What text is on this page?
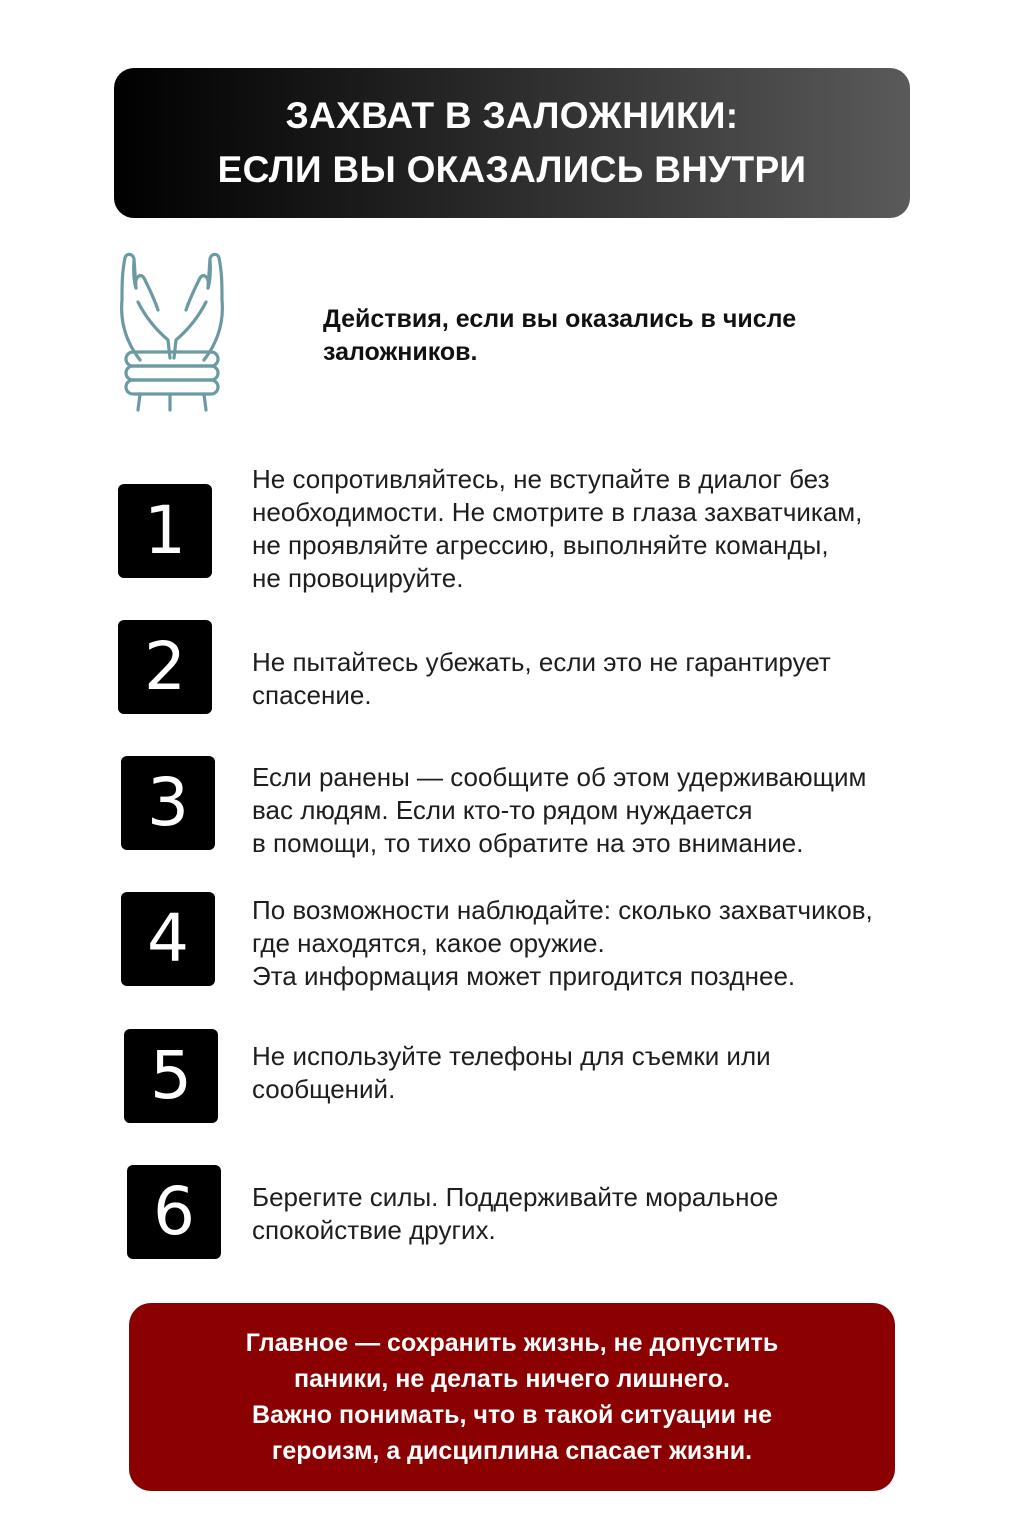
ЗАХВАТ В ЗАЛОЖНИКИ:
ЕСЛИ ВЫ ОКАЗАЛИСЬ ВНУТРИ
Действия, если вы оказались в числе
заложников.
1
Не сопротивляйтесь, не вступайте в диалог без
необходимости. Не смотрите в глаза захватчикам,
не проявляйте агрессию, выполняйте команды,
не провоцируйте.
2	Не пытайтесь убежать, если это не гарантирует
спасение.
3	Если ранены — сообщите об этом удерживающим
вас людям. Если кто-то рядом нуждается
в помощи, то тихо обратите на это внимание.
4	По возможности наблюдайте: сколько захватчиков,
где находятся, какое оружие.
Эта информация может пригодится позднее.
5	Не используйте телефоны для съемки или
сообщений.
6	Берегите силы. Поддерживайте моральное
спокойствие других.
Главное — сохранить жизнь, не допустить
паники, не делать ничего лишнего.
Важно понимать, что в такой ситуации не
героизм, а дисциплина спасает жизни.
